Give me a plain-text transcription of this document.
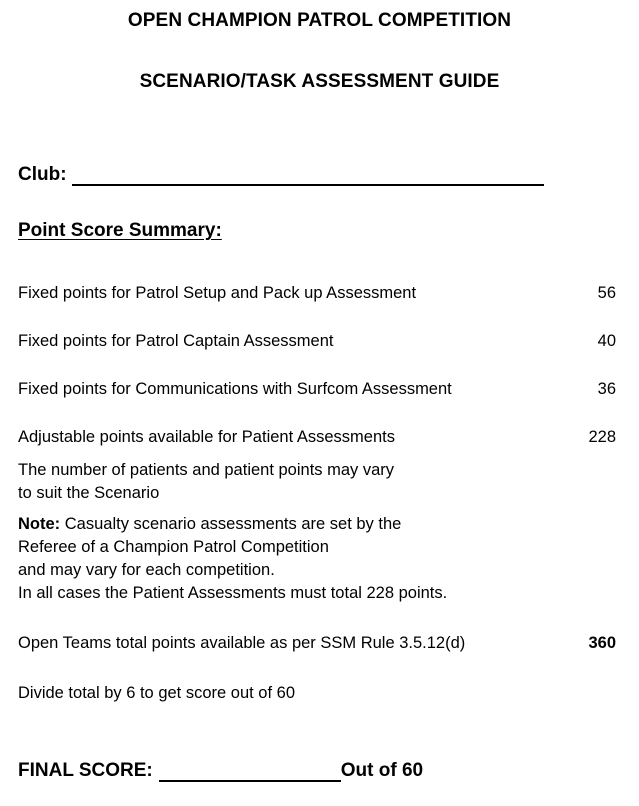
OPEN CHAMPION PATROL COMPETITION
SCENARIO/TASK ASSESSMENT GUIDE
Club:
Point Score Summary:
Fixed points for Patrol Setup and Pack up Assessment	56
Fixed points for Patrol Captain Assessment	40
Fixed points for Communications with Surfcom Assessment	36
Adjustable points available for Patient Assessments	228
The number of patients and patient points may vary
to suit the Scenario
Note: Casualty scenario assessments are set by the
Referee of a Champion Patrol Competition
and may vary for each competition.
In all cases the Patient Assessments must total 228 points.
Open Teams total points available as per SSM Rule 3.5.12(d)	360
Divide total by 6 to get score out of 60
FINAL SCORE:	Out of 60
